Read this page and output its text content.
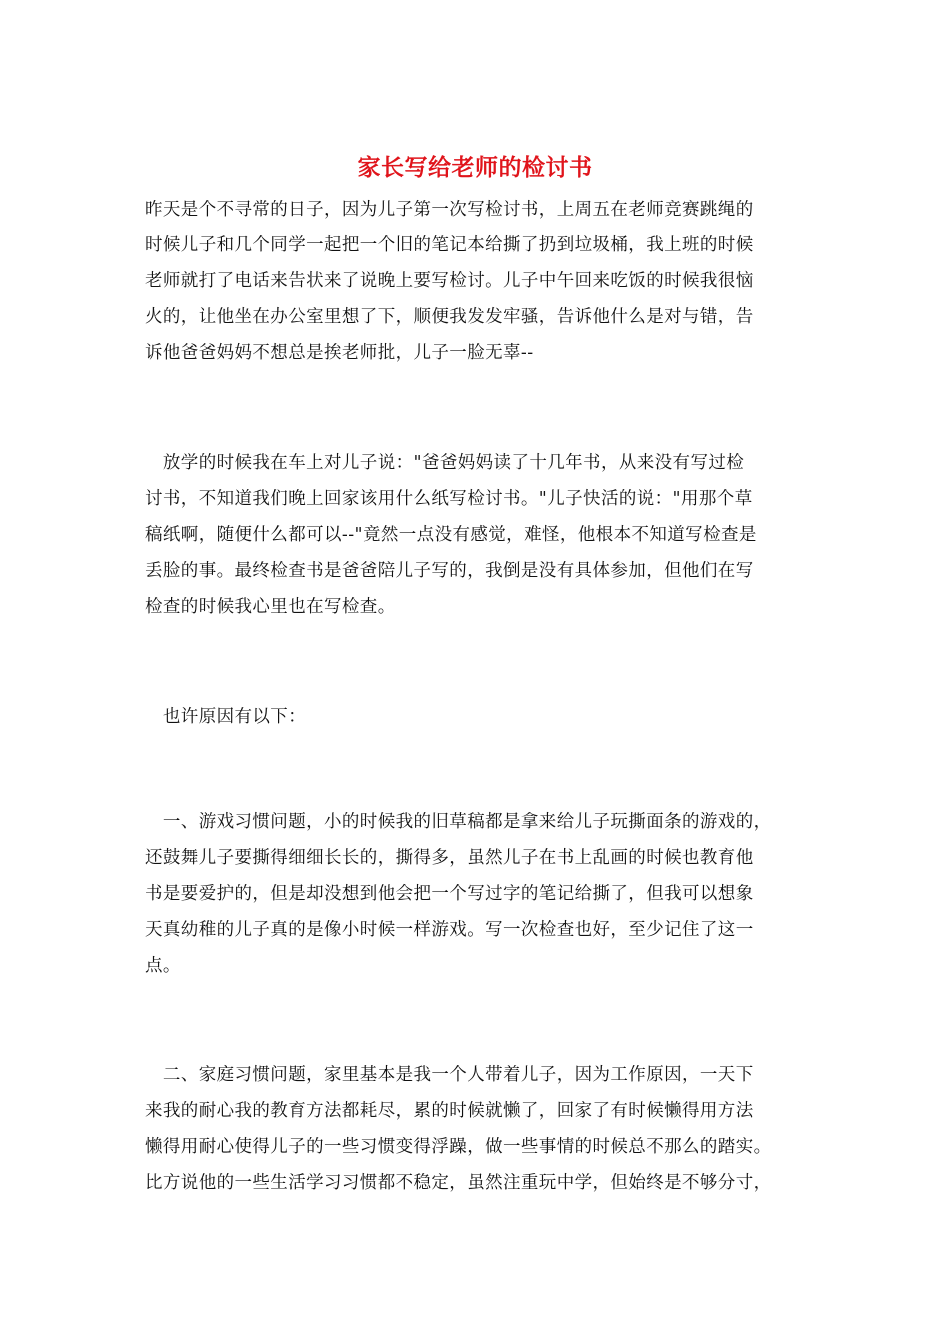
家长写给老师的检讨书
昨天是个不寻常的日子，因为儿子第一次写检讨书，上周五在老师竞赛跳绳的
时候儿子和几个同学一起把一个旧的笔记本给撕了扔到垃圾桶，我上班的时候
老师就打了电话来告状来了说晚上要写检讨。儿子中午回来吃饭的时候我很恼
火的，让他坐在办公室里想了下，顺便我发发牢骚，告诉他什么是对与错，告
诉他爸爸妈妈不想总是挨老师批，儿子一脸无辜--
　放学的时候我在车上对儿子说："爸爸妈妈读了十几年书，从来没有写过检
讨书，不知道我们晚上回家该用什么纸写检讨书。"儿子快活的说："用那个草
稿纸啊，随便什么都可以--"竟然一点没有感觉，难怪，他根本不知道写检查是
丢脸的事。最终检查书是爸爸陪儿子写的，我倒是没有具体参加，但他们在写
检查的时候我心里也在写检查。
　也许原因有以下：
　一、游戏习惯问题，小的时候我的旧草稿都是拿来给儿子玩撕面条的游戏的，
还鼓舞儿子要撕得细细长长的，撕得多，虽然儿子在书上乱画的时候也教育他
书是要爱护的，但是却没想到他会把一个写过字的笔记给撕了，但我可以想象
天真幼稚的儿子真的是像小时候一样游戏。写一次检查也好，至少记住了这一
点。
　二、家庭习惯问题，家里基本是我一个人带着儿子，因为工作原因，一天下
来我的耐心我的教育方法都耗尽，累的时候就懒了，回家了有时候懒得用方法
懒得用耐心使得儿子的一些习惯变得浮躁，做一些事情的时候总不那么的踏实。
比方说他的一些生活学习习惯都不稳定，虽然注重玩中学，但始终是不够分寸，
